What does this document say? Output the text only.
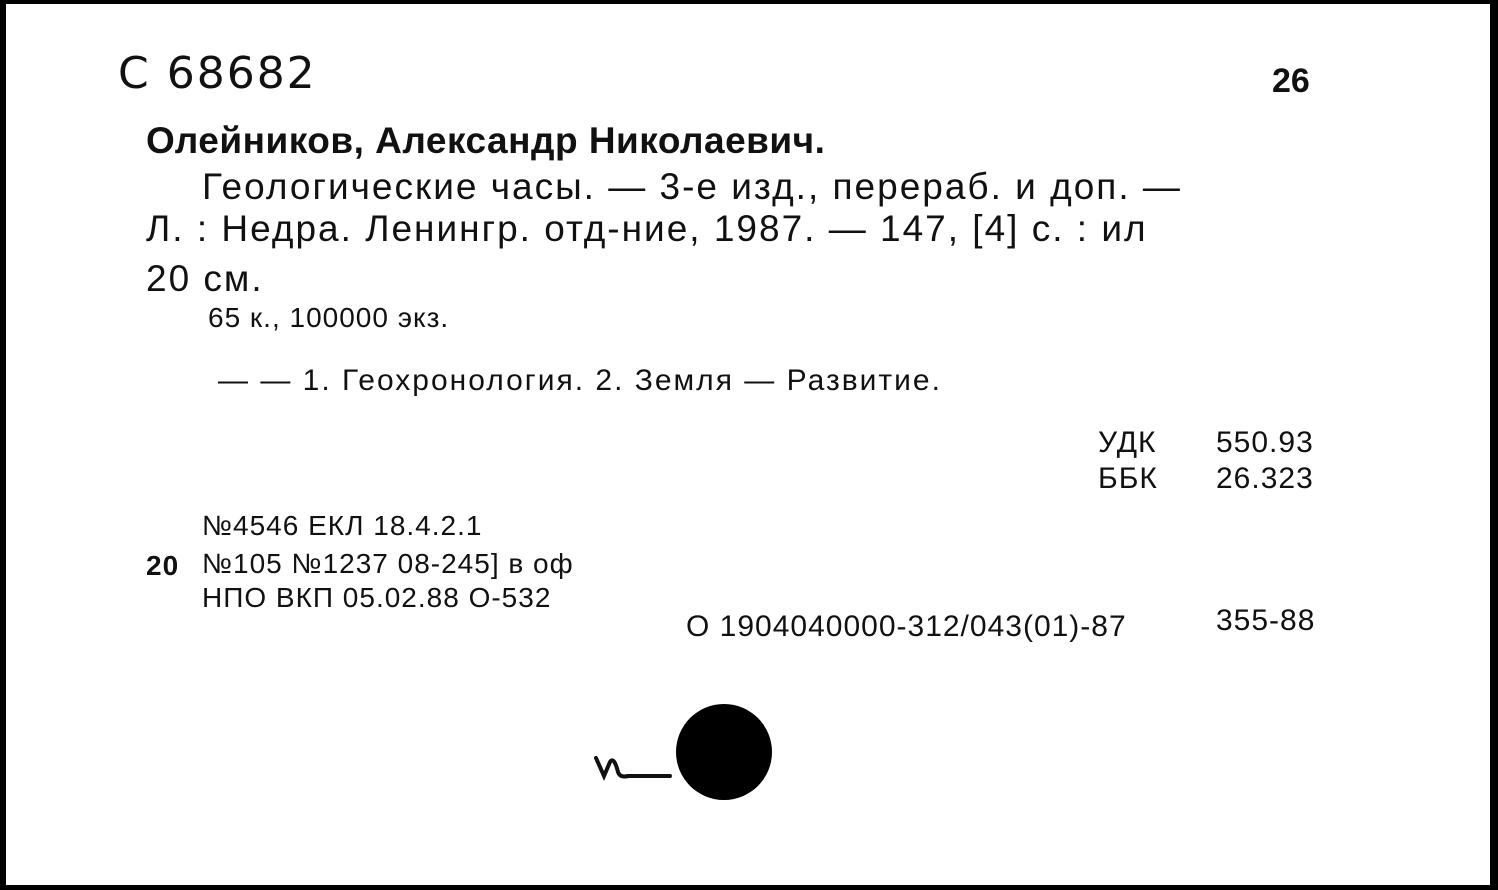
С 68682	26
Олейников, Александр Николаевич.
Геологические часы. — 3-е изд., перераб. и доп. —
Л. : Недра. Ленингр. отд-ние, 1987. — 147, [4] с. : ил
20 см.
65 к., 100000 экз.
— — 1. Геохронология. 2. Земля — Развитие.
УДК 550.93
ББК 26.323
№4546 ЕКЛ 18.4.2.1
20 №105 №1237 08-245] в оф
НПО ВКП 05.02.88 О-532
О 1904040000-312/043(01)-87	355-88
